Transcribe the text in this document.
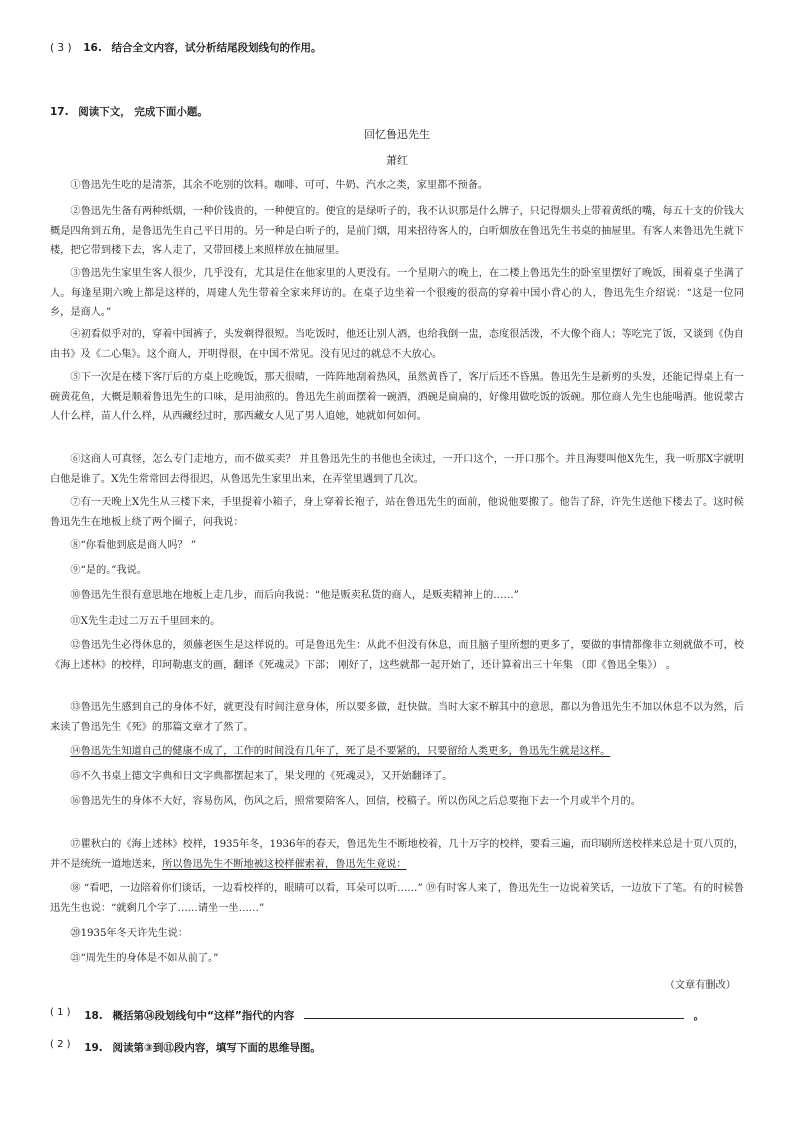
( 3 ) 16. 结合全文内容，试分析结尾段划线句的作用。
17. 阅读下文， 完成下面小题。
回忆鲁迅先生
萧红
①鲁迅先生吃的是清茶，其余不吃别的饮料。咖啡、可可、牛奶、汽水之类，家里都不预备。
②鲁迅先生备有两种纸烟，一种价钱贵的，一种便宜的。便宜的是绿听子的，我不认识那是什么牌子，只记得烟头上带着黄纸的嘴，每五十支的价钱大概是四角到五角，是鲁迅先生自己平日用的。另一种是白听子的，是前门烟，用来招待客人的，白听烟放在鲁迅先生书桌的抽屉里。有客人来鲁迅先生就下楼，把它带到楼下去，客人走了，又带回楼上来照样放在抽屉里。
③鲁迅先生家里生客人很少，几乎没有，尤其是住在他家里的人更没有。一个星期六的晚上，在二楼上鲁迅先生的卧室里摆好了晚饭，围着桌子坐满了人。每逢星期六晚上都是这样的，周建人先生带着全家来拜访的。在桌子边坐着一个很瘦的很高的穿着中国小背心的人，鲁迅先生介绍说：“这是一位同乡，是商人。”
④初看似乎对的，穿着中国裤子，头发剃得很短。当吃饭时，他还让别人酒，也给我倒一盅，态度很活泼，不大像个商人；等吃完了饭，又谈到《伪自由书》及《二心集》。这个商人，开明得很，在中国不常见。没有见过的就总不大放心。
⑤下一次是在楼下客厅后的方桌上吃晚饭，那天很晴，一阵阵地刮着热风，虽然黄昏了，客厅后还不昏黑。鲁迅先生是新剪的头发，还能记得桌上有一碗黄花鱼，大概是顺着鲁迅先生的口味，是用油煎的。鲁迅先生前面摆着一碗酒，酒碗是扁扁的，好像用做吃饭的饭碗。那位商人先生也能喝酒。他说蒙古人什么样，苗人什么样，从西藏经过时，那西藏女人见了男人追她，她就如何如何。
⑥这商人可真怪，怎么专门走地方，而不做买卖？ 并且鲁迅先生的书他也全读过，一开口这个，一开口那个。并且海婴叫他X先生，我一听那X字就明白他是谁了。X先生常常回去得很迟，从鲁迅先生家里出来，在弄堂里遇到了几次。
⑦有一天晚上X先生从三楼下来，手里提着小箱子，身上穿着长袍子，站在鲁迅先生的面前，他说他要搬了。他告了辞，许先生送他下楼去了。这时候鲁迅先生在地板上绕了两个圈子，问我说：
⑧“你看他到底是商人吗？ ”
⑨“是的。”我说。
⑩鲁迅先生很有意思地在地板上走几步，而后向我说：“他是贩卖私货的商人，是贩卖精神上的……”
⑪X先生走过二万五千里回来的。
⑫鲁迅先生必得休息的，须藤老医生是这样说的。可是鲁迅先生：从此不但没有休息，而且脑子里所想的更多了，要做的事情都像非立刻就做不可，校《海上述林》的校样，印珂勒惠支的画，翻译《死魂灵》下部； 刚好了，这些就都一起开始了，还计算着出三十年集 （即《鲁迅全集》） 。
⑬鲁迅先生感到自己的身体不好，就更没有时间注意身体，所以要多做，赶快做。当时大家不解其中的意思，都以为鲁迅先生不加以休息不以为然，后来读了鲁迅先生《死》的那篇文章才了然了。
⑭鲁迅先生知道自己的健康不成了，工作的时间没有几年了，死了是不要紧的，只要留给人类更多，鲁迅先生就是这样。
⑮不久书桌上德文字典和日文字典都摆起来了，果戈理的《死魂灵》，又开始翻译了。
⑯鲁迅先生的身体不大好，容易伤风，伤风之后，照常要陪客人，回信，校稿子。所以伤风之后总要拖下去一个月或半个月的。
⑰瞿秋白的《海上述林》校样，1935年冬，1936年的春天，鲁迅先生不断地校着，几十万字的校样，要看三遍，而印刷所送校样来总是十页八页的，并不是统统一道地送来，所以鲁迅先生不断地被这校样催索着，鲁迅先生竟说：
⑱ “看吧，一边陪着你们谈话，一边看校样的，眼睛可以看，耳朵可以听……” ⑲有时客人来了，鲁迅先生一边说着笑话，一边放下了笔。有的时候鲁迅先生也说：“就剩几个字了……请坐一坐……”
⑳1935年冬天许先生说：
㉑“周先生的身体是不如从前了。”
（文章有删改）
( 1 ) 18. 概括第⑭段划线句中“这样”指代的内容	。
( 2 ) 19. 阅读第③到⑪段内容，填写下面的思维导图。
